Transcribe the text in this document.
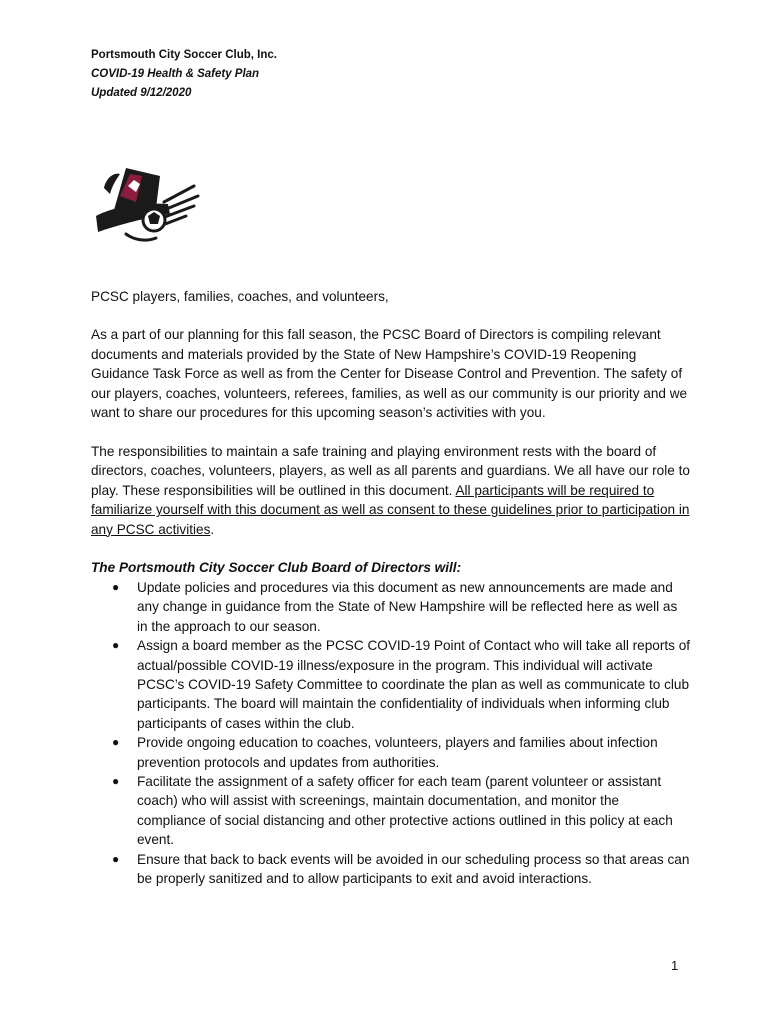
Portsmouth City Soccer Club, Inc.
COVID-19 Health & Safety Plan
Updated 9/12/2020

PCSC players, families, coaches, and volunteers,

As a part of our planning for this fall season, the PCSC Board of Directors is compiling relevant documents and materials provided by the State of New Hampshire’s COVID-19 Reopening Guidance Task Force as well as from the Center for Disease Control and Prevention. The safety of our players, coaches, volunteers, referees, families, as well as our community is our priority and we want to share our procedures for this upcoming season’s activities with you.

The responsibilities to maintain a safe training and playing environment rests with the board of directors, coaches, volunteers, players, as well as all parents and guardians. We all have our role to play. These responsibilities will be outlined in this document. All participants will be required to familiarize yourself with this document as well as consent to these guidelines prior to participation in any PCSC activities.

The Portsmouth City Soccer Club Board of Directors will:

● Update policies and procedures via this document as new announcements are made and any change in guidance from the State of New Hampshire will be reflected here as well as in the approach to our season.
● Assign a board member as the PCSC COVID-19 Point of Contact who will take all reports of actual/possible COVID-19 illness/exposure in the program. This individual will activate PCSC’s COVID-19 Safety Committee to coordinate the plan as well as communicate to club participants. The board will maintain the confidentiality of individuals when informing club participants of cases within the club.
● Provide ongoing education to coaches, volunteers, players and families about infection prevention protocols and updates from authorities.
● Facilitate the assignment of a safety officer for each team (parent volunteer or assistant coach) who will assist with screenings, maintain documentation, and monitor the compliance of social distancing and other protective actions outlined in this policy at each event.
● Ensure that back to back events will be avoided in our scheduling process so that areas can be properly sanitized and to allow participants to exit and avoid interactions.
1
